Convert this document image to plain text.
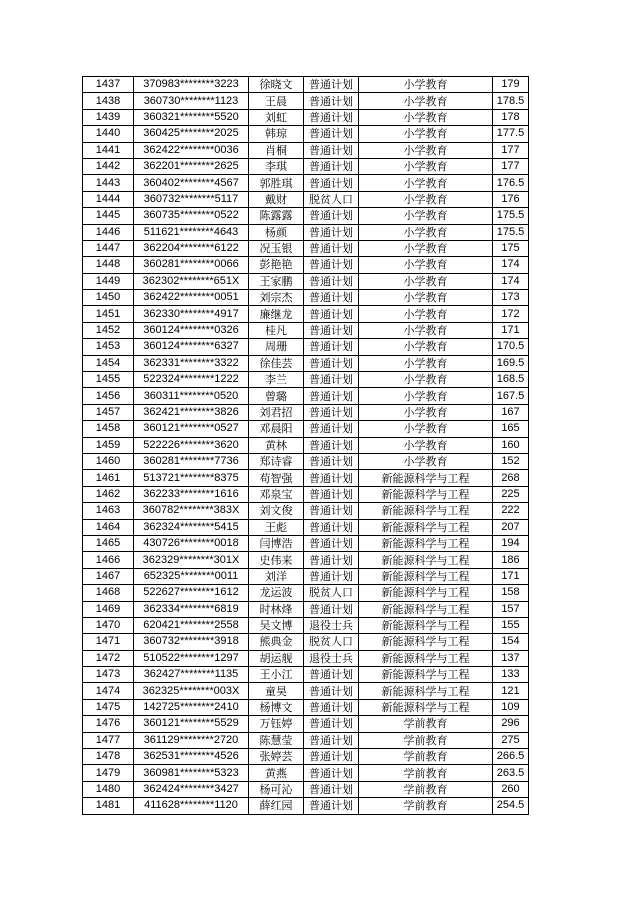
1437	370983********3223	徐晓文	普通计划	小学教育	179
1438	360730********1123	王晨	普通计划	小学教育	178.5
1439	360321********5520	刘虹	普通计划	小学教育	178
1440	360425********2025	韩琼	普通计划	小学教育	177.5
1441	362422********0036	肖桐	普通计划	小学教育	177
1442	362201********2625	李琪	普通计划	小学教育	177
1443	360402********4567	郭胜琪	普通计划	小学教育	176.5
1444	360732********5117	戴财	脱贫人口	小学教育	176
1445	360735********0522	陈露露	普通计划	小学教育	175.5
1446	511621********4643	杨颜	普通计划	小学教育	175.5
1447	362204********6122	况玉银	普通计划	小学教育	175
1448	360281********0066	彭艳艳	普通计划	小学教育	174
1449	362302********651X	王家鹏	普通计划	小学教育	174
1450	362422********0051	刘宗杰	普通计划	小学教育	173
1451	362330********4917	廉继龙	普通计划	小学教育	172
1452	360124********0326	桂凡	普通计划	小学教育	171
1453	360124********6327	周珊	普通计划	小学教育	170.5
1454	362331********3322	徐佳芸	普通计划	小学教育	169.5
1455	522324********1222	李兰	普通计划	小学教育	168.5
1456	360311********0520	曾璐	普通计划	小学教育	167.5
1457	362421********3826	刘君招	普通计划	小学教育	167
1458	360121********0527	邓晨阳	普通计划	小学教育	165
1459	522226********3620	黄林	普通计划	小学教育	160
1460	360281********7736	郑诗睿	普通计划	小学教育	152
1461	513721********8375	苟智强	普通计划	新能源科学与工程	268
1462	362233********1616	邓泉宝	普通计划	新能源科学与工程	225
1463	360782********383X	刘文俊	普通计划	新能源科学与工程	222
1464	362324********5415	王彪	普通计划	新能源科学与工程	207
1465	430726********0018	闫博浩	普通计划	新能源科学与工程	194
1466	362329********301X	史伟来	普通计划	新能源科学与工程	186
1467	652325********0011	刘洋	普通计划	新能源科学与工程	171
1468	522627********1612	龙运波	脱贫人口	新能源科学与工程	158
1469	362334********6819	时林烽	普通计划	新能源科学与工程	157
1470	620421********2558	吴文博	退役士兵	新能源科学与工程	155
1471	360732********3918	熊典金	脱贫人口	新能源科学与工程	154
1472	510522********1297	胡运舰	退役士兵	新能源科学与工程	137
1473	362427********1135	王小江	普通计划	新能源科学与工程	133
1474	362325********003X	童昊	普通计划	新能源科学与工程	121
1475	142725********2410	杨博文	普通计划	新能源科学与工程	109
1476	360121********5529	万钰婷	普通计划	学前教育	296
1477	361129********2720	陈慧莹	普通计划	学前教育	275
1478	362531********4526	张婷芸	普通计划	学前教育	266.5
1479	360981********5323	黄燕	普通计划	学前教育	263.5
1480	362424********3427	杨可沁	普通计划	学前教育	260
1481	411628********1120	薛红园	普通计划	学前教育	254.5
